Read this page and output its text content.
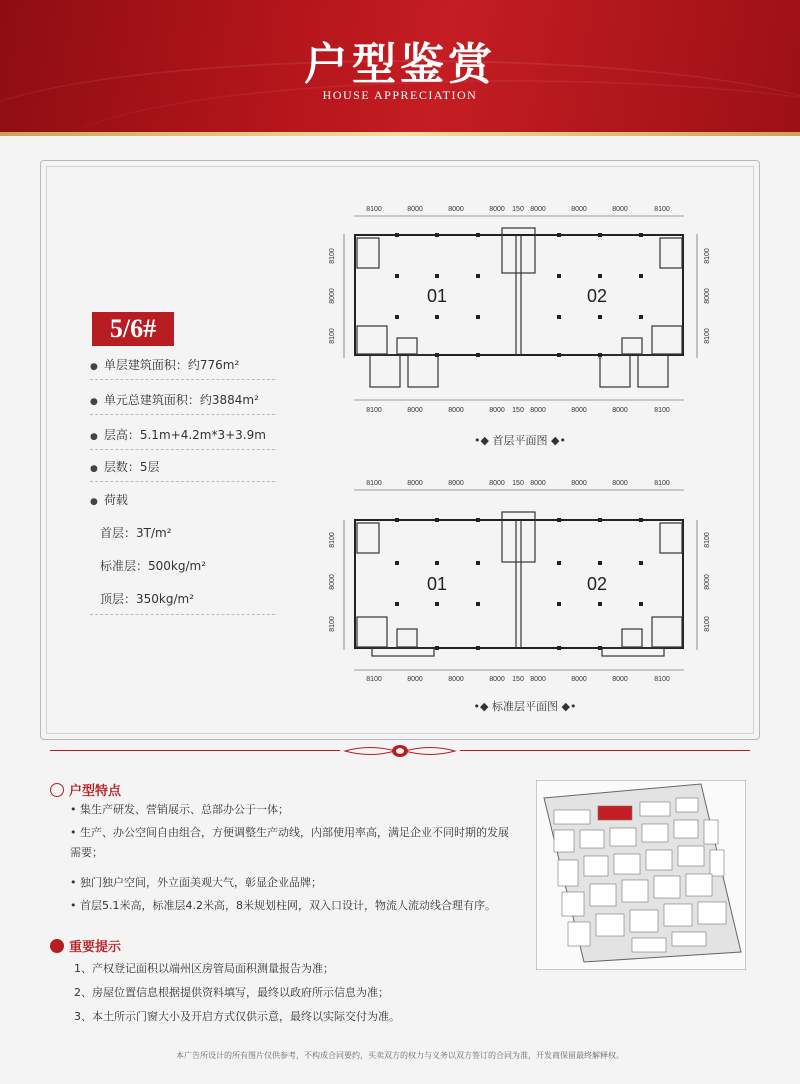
户型鉴赏
HOUSE APPRECIATION
5/6#
● 单层建筑面积：约776m²
● 单元总建筑面积：约3884m²
● 层高：5.1m+4.2m*3+3.9m
● 层数：5层
● 荷载
首层：3T/m²
标准层：500kg/m²
顶层：350kg/m²
8100	8000	8000	8000 150 8000	8000	8000	8100
8100	8000	8000	8000 150 8000	8000	8000	8100
8100
8000
8100
8100
8000
8100
01	02
•◆ 首层平面图 ◆•
8100	8000	8000	8000 150 8000	8000	8000	8100
8100	8000	8000	8000 150 8000	8000	8000	8100
8100
8000
8100
8100
8000
8100
01	02
•◆ 标准层平面图 ◆•
户型特点
• 集生产研发、营销展示、总部办公于一体；
• 生产、办公空间自由组合，方便调整生产动线，内部使用率高，满足企业不同时期的发展需要；
• 独门独户空间，外立面美观大气，彰显企业品牌；
• 首层5.1米高，标准层4.2米高，8米规划柱网，双入口设计，物流人流动线合理有序。
重要提示
1、产权登记面积以端州区房管局面积测量报告为准；
2、房屋位置信息根据提供资料填写，最终以政府所示信息为准；
3、本土所示门窗大小及开启方式仅供示意，最终以实际交付为准。
本广告所设计的所有图片仅供参考，不构成合同要约，买卖双方的权力与义务以双方签订的合同为准，开发商保留最终解释权。
